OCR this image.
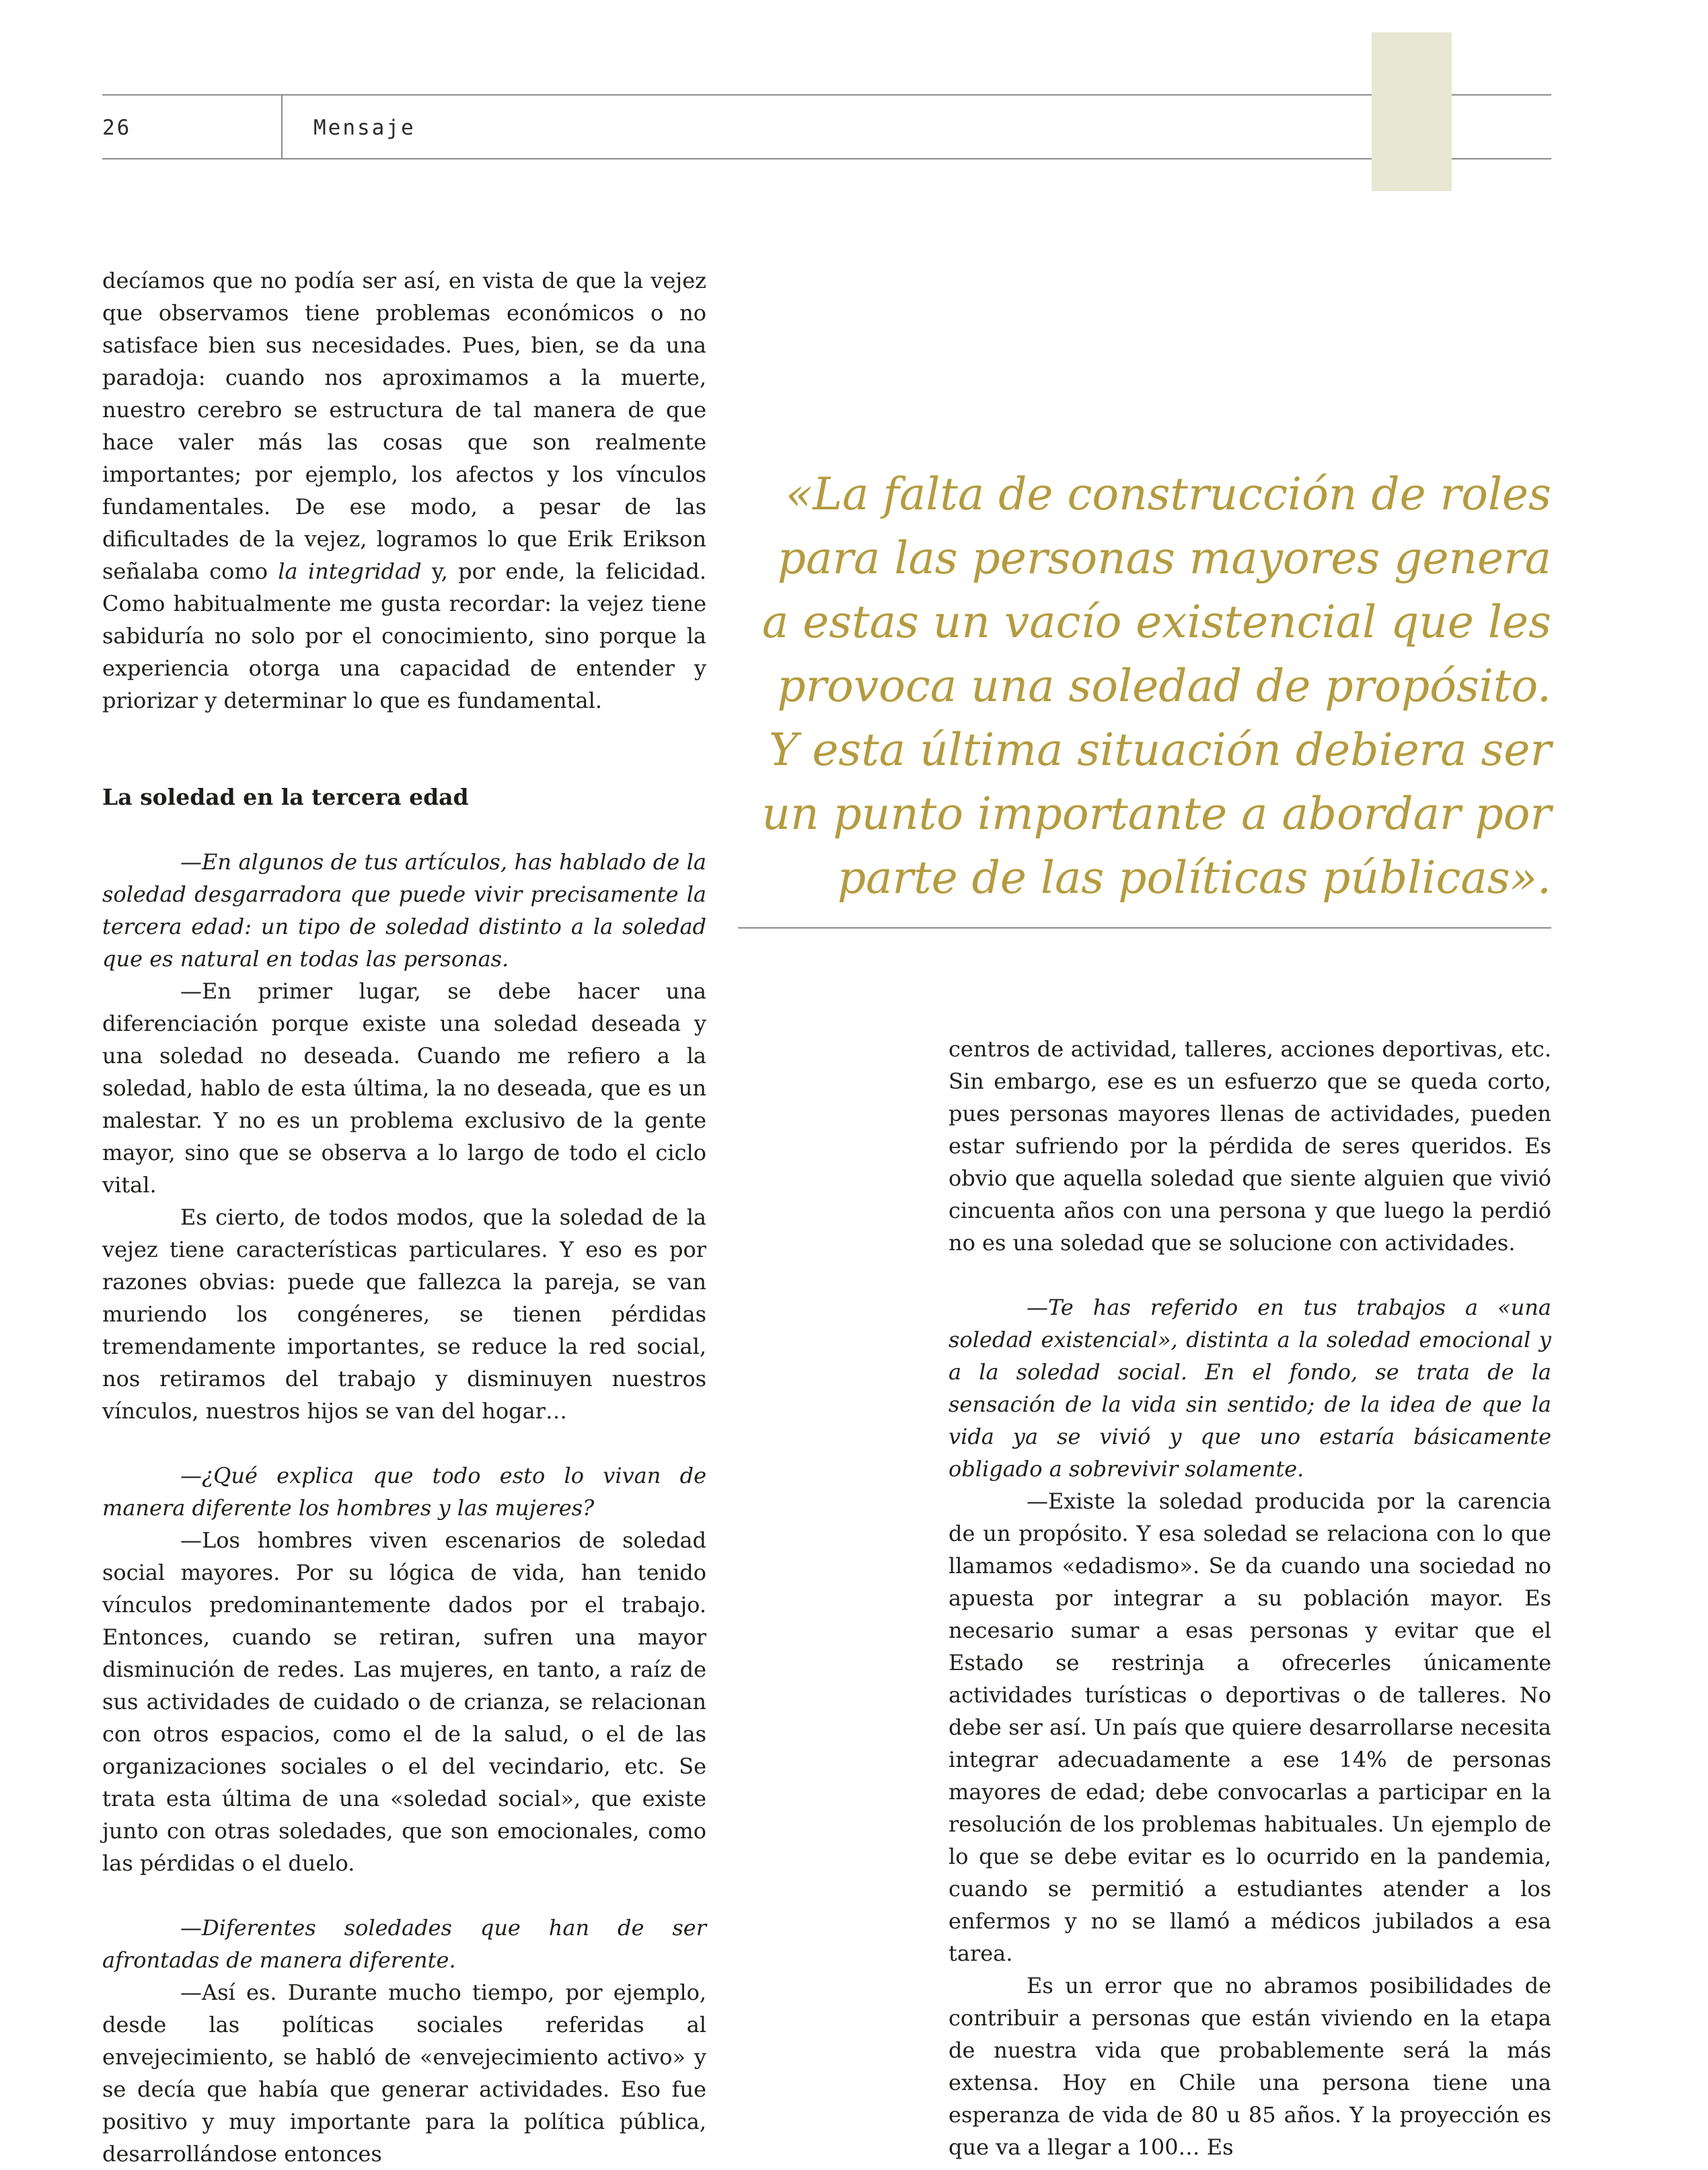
26	Mensaje

decíamos que no podía ser así, en vista de que la vejez que observamos tiene problemas económicos o no satisface bien sus necesidades. Pues, bien, se da una paradoja: cuando nos aproximamos a la muerte, nuestro cerebro se estructura de tal manera de que hace valer más las cosas que son realmente importantes; por ejemplo, los afectos y los vínculos fundamentales. De ese modo, a pesar de las dificultades de la vejez, logramos lo que Erik Erikson señalaba como la integridad y, por ende, la felicidad. Como habitualmente me gusta recordar: la vejez tiene sabiduría no solo por el conocimiento, sino porque la experiencia otorga una capacidad de entender y priorizar y determinar lo que es fundamental.

La soledad en la tercera edad

—En algunos de tus artículos, has hablado de la soledad desgarradora que puede vivir precisamente la tercera edad: un tipo de soledad distinto a la soledad que es natural en todas las personas.

—En primer lugar, se debe hacer una diferenciación porque existe una soledad deseada y una soledad no deseada. Cuando me refiero a la soledad, hablo de esta última, la no deseada, que es un malestar. Y no es un problema exclusivo de la gente mayor, sino que se observa a lo largo de todo el ciclo vital.

Es cierto, de todos modos, que la soledad de la vejez tiene características particulares. Y eso es por razones obvias: puede que fallezca la pareja, se van muriendo los congéneres, se tienen pérdidas tremendamente importantes, se reduce la red social, nos retiramos del trabajo y disminuyen nuestros vínculos, nuestros hijos se van del hogar…

—¿Qué explica que todo esto lo vivan de manera diferente los hombres y las mujeres?

—Los hombres viven escenarios de soledad social mayores. Por su lógica de vida, han tenido vínculos predominantemente dados por el trabajo. Entonces, cuando se retiran, sufren una mayor disminución de redes. Las mujeres, en tanto, a raíz de sus actividades de cuidado o de crianza, se relacionan con otros espacios, como el de la salud, o el de las organizaciones sociales o el del vecindario, etc. Se trata esta última de una «soledad social», que existe junto con otras soledades, que son emocionales, como las pérdidas o el duelo.

—Diferentes soledades que han de ser afrontadas de manera diferente.

—Así es. Durante mucho tiempo, por ejemplo, desde las políticas sociales referidas al envejecimiento, se habló de «envejecimiento activo» y se decía que había que generar actividades. Eso fue positivo y muy importante para la política pública, desarrollándose entonces

«La falta de construcción de roles para las personas mayores genera a estas un vacío existencial que les provoca una soledad de propósito. Y esta última situación debiera ser un punto importante a abordar por parte de las políticas públicas».

centros de actividad, talleres, acciones deportivas, etc. Sin embargo, ese es un esfuerzo que se queda corto, pues personas mayores llenas de actividades, pueden estar sufriendo por la pérdida de seres queridos. Es obvio que aquella soledad que siente alguien que vivió cincuenta años con una persona y que luego la perdió no es una soledad que se solucione con actividades.

—Te has referido en tus trabajos a «una soledad existencial», distinta a la soledad emocional y a la soledad social. En el fondo, se trata de la sensación de la vida sin sentido; de la idea de que la vida ya se vivió y que uno estaría básicamente obligado a sobrevivir solamente.

—Existe la soledad producida por la carencia de un propósito. Y esa soledad se relaciona con lo que llamamos «edadismo». Se da cuando una sociedad no apuesta por integrar a su población mayor. Es necesario sumar a esas personas y evitar que el Estado se restrinja a ofrecerles únicamente actividades turísticas o deportivas o de talleres. No debe ser así. Un país que quiere desarrollarse necesita integrar adecuadamente a ese 14% de personas mayores de edad; debe convocarlas a participar en la resolución de los problemas habituales. Un ejemplo de lo que se debe evitar es lo ocurrido en la pandemia, cuando se permitió a estudiantes atender a los enfermos y no se llamó a médicos jubilados a esa tarea.

Es un error que no abramos posibilidades de contribuir a personas que están viviendo en la etapa de nuestra vida que probablemente será la más extensa. Hoy en Chile una persona tiene una esperanza de vida de 80 u 85 años. Y la proyección es que va a llegar a 100… Es
